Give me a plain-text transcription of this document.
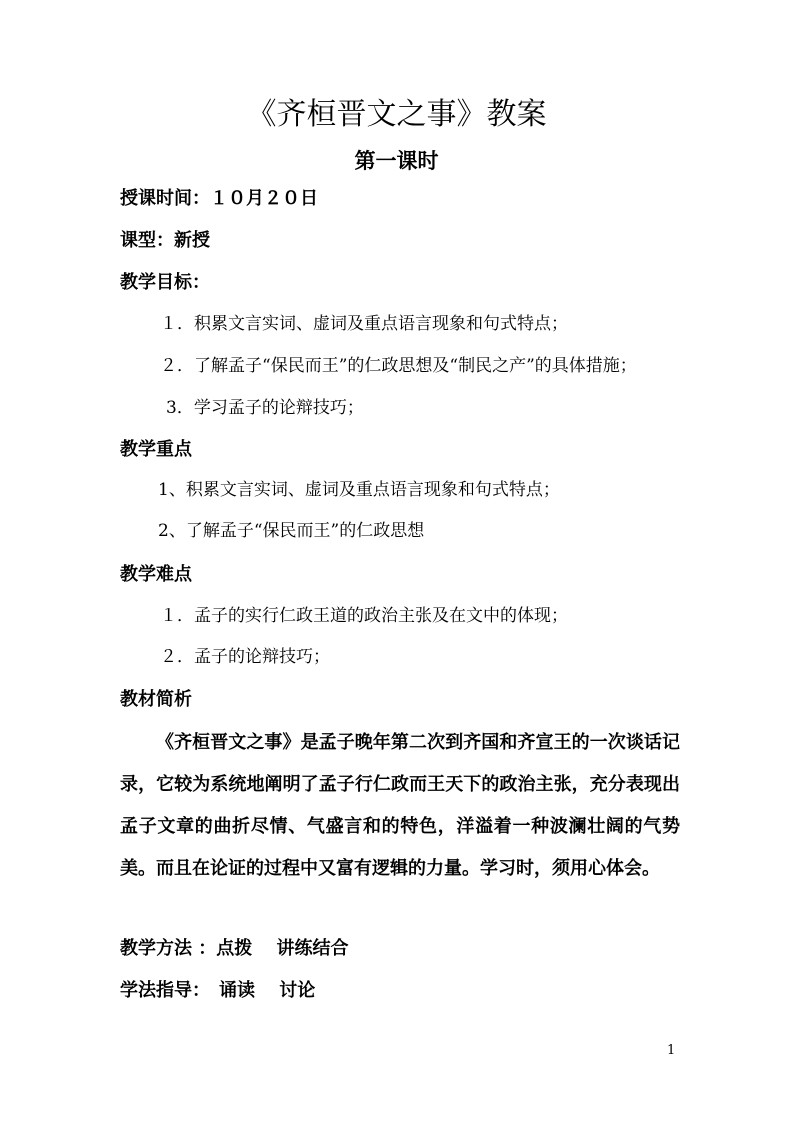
《齐桓晋文之事》教案
第一课时
授课时间：１０月２０日
课型：新授
教学目标：
１．积累文言实词、虚词及重点语言现象和句式特点；
２．了解孟子“保民而王”的仁政思想及“制民之产”的具体措施；
3．学习孟子的论辩技巧；
教学重点
1、积累文言实词、虚词及重点语言现象和句式特点；
2、了解孟子“保民而王”的仁政思想
教学难点
１．孟子的实行仁政王道的政治主张及在文中的体现；
２．孟子的论辩技巧；
教材简析
《齐桓晋文之事》是孟子晚年第二次到齐国和齐宣王的一次谈话记录，它较为系统地阐明了孟子行仁政而王天下的政治主张，充分表现出孟子文章的曲折尽情、气盛言和的特色，洋溢着一种波澜壮阔的气势美。而且在论证的过程中又富有逻辑的力量。学习时，须用心体会。
教学方法 ：点拨　 讲练结合
学法指导：　诵读　 讨论
1
